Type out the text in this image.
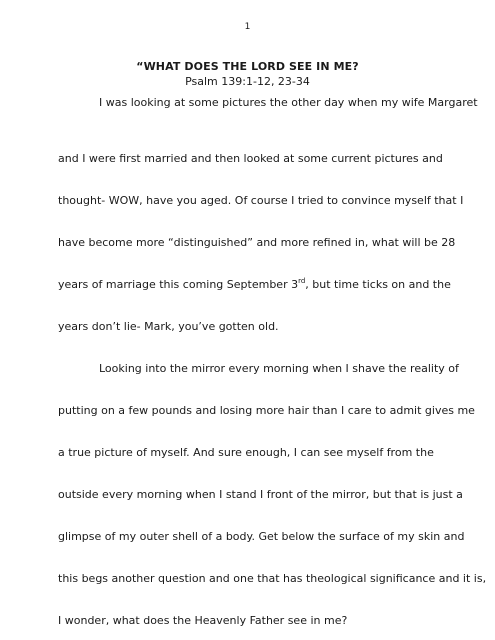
1
“WHAT DOES THE LORD SEE IN ME?
Psalm 139:1-12, 23-34
I was looking at some pictures the other day when my wife Margaret
and I were first married and then looked at some current pictures and
thought- WOW, have you aged. Of course I tried to convince myself that I
have become more “distinguished” and more refined in, what will be 28
years of marriage this coming September 3rd, but time ticks on and the
years don’t lie- Mark, you’ve gotten old.
Looking into the mirror every morning when I shave the reality of
putting on a few pounds and losing more hair than I care to admit gives me
a true picture of myself. And sure enough, I can see myself from the
outside every morning when I stand I front of the mirror, but that is just a
glimpse of my outer shell of a body. Get below the surface of my skin and
this begs another question and one that has theological significance and it is,
I wonder, what does the Heavenly Father see in me?
